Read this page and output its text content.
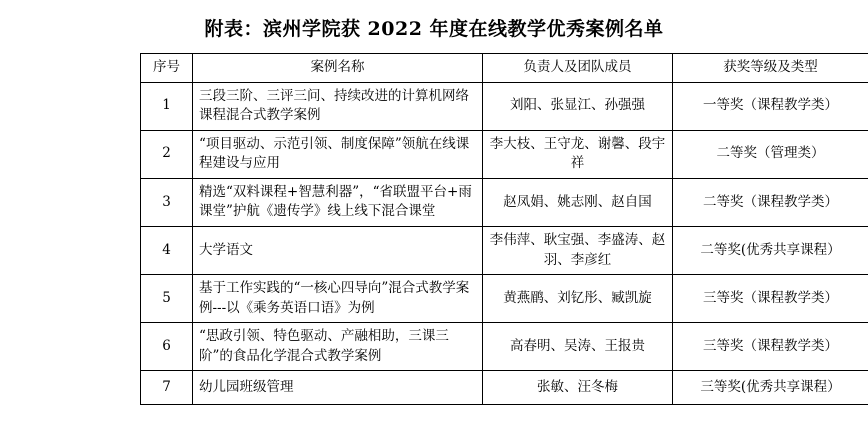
附表：滨州学院获 2022 年度在线教学优秀案例名单
序号	案例名称	负责人及团队成员	获奖等级及类型
1	三段三阶、三评三问、持续改进的计算机网络课程混合式教学案例	刘阳、张显江、孙强强	一等奖（课程教学类）
2	“项目驱动、示范引领、制度保障”领航在线课程建设与应用	李大枝、王守龙、谢馨、段宇祥	二等奖（管理类）
3	精选“双料课程+智慧利器”，“省联盟平台+雨课堂”护航《遗传学》线上线下混合课堂	赵凤娟、姚志刚、赵自国	二等奖（课程教学类）
4	大学语文	李伟萍、耿宝强、李盛涛、赵羽、李彦红	二等奖(优秀共享课程）
5	基于工作实践的“一核心四导向”混合式教学案例---以《乘务英语口语》为例	黄燕鹛、刘钇彤、臧凯旋	三等奖（课程教学类）
6	“思政引领、特色驱动、产融相助，三课三阶”的食品化学混合式教学案例	高春明、吴涛、王报贵	三等奖（课程教学类）
7	幼儿园班级管理	张敏、汪冬梅	三等奖(优秀共享课程）
